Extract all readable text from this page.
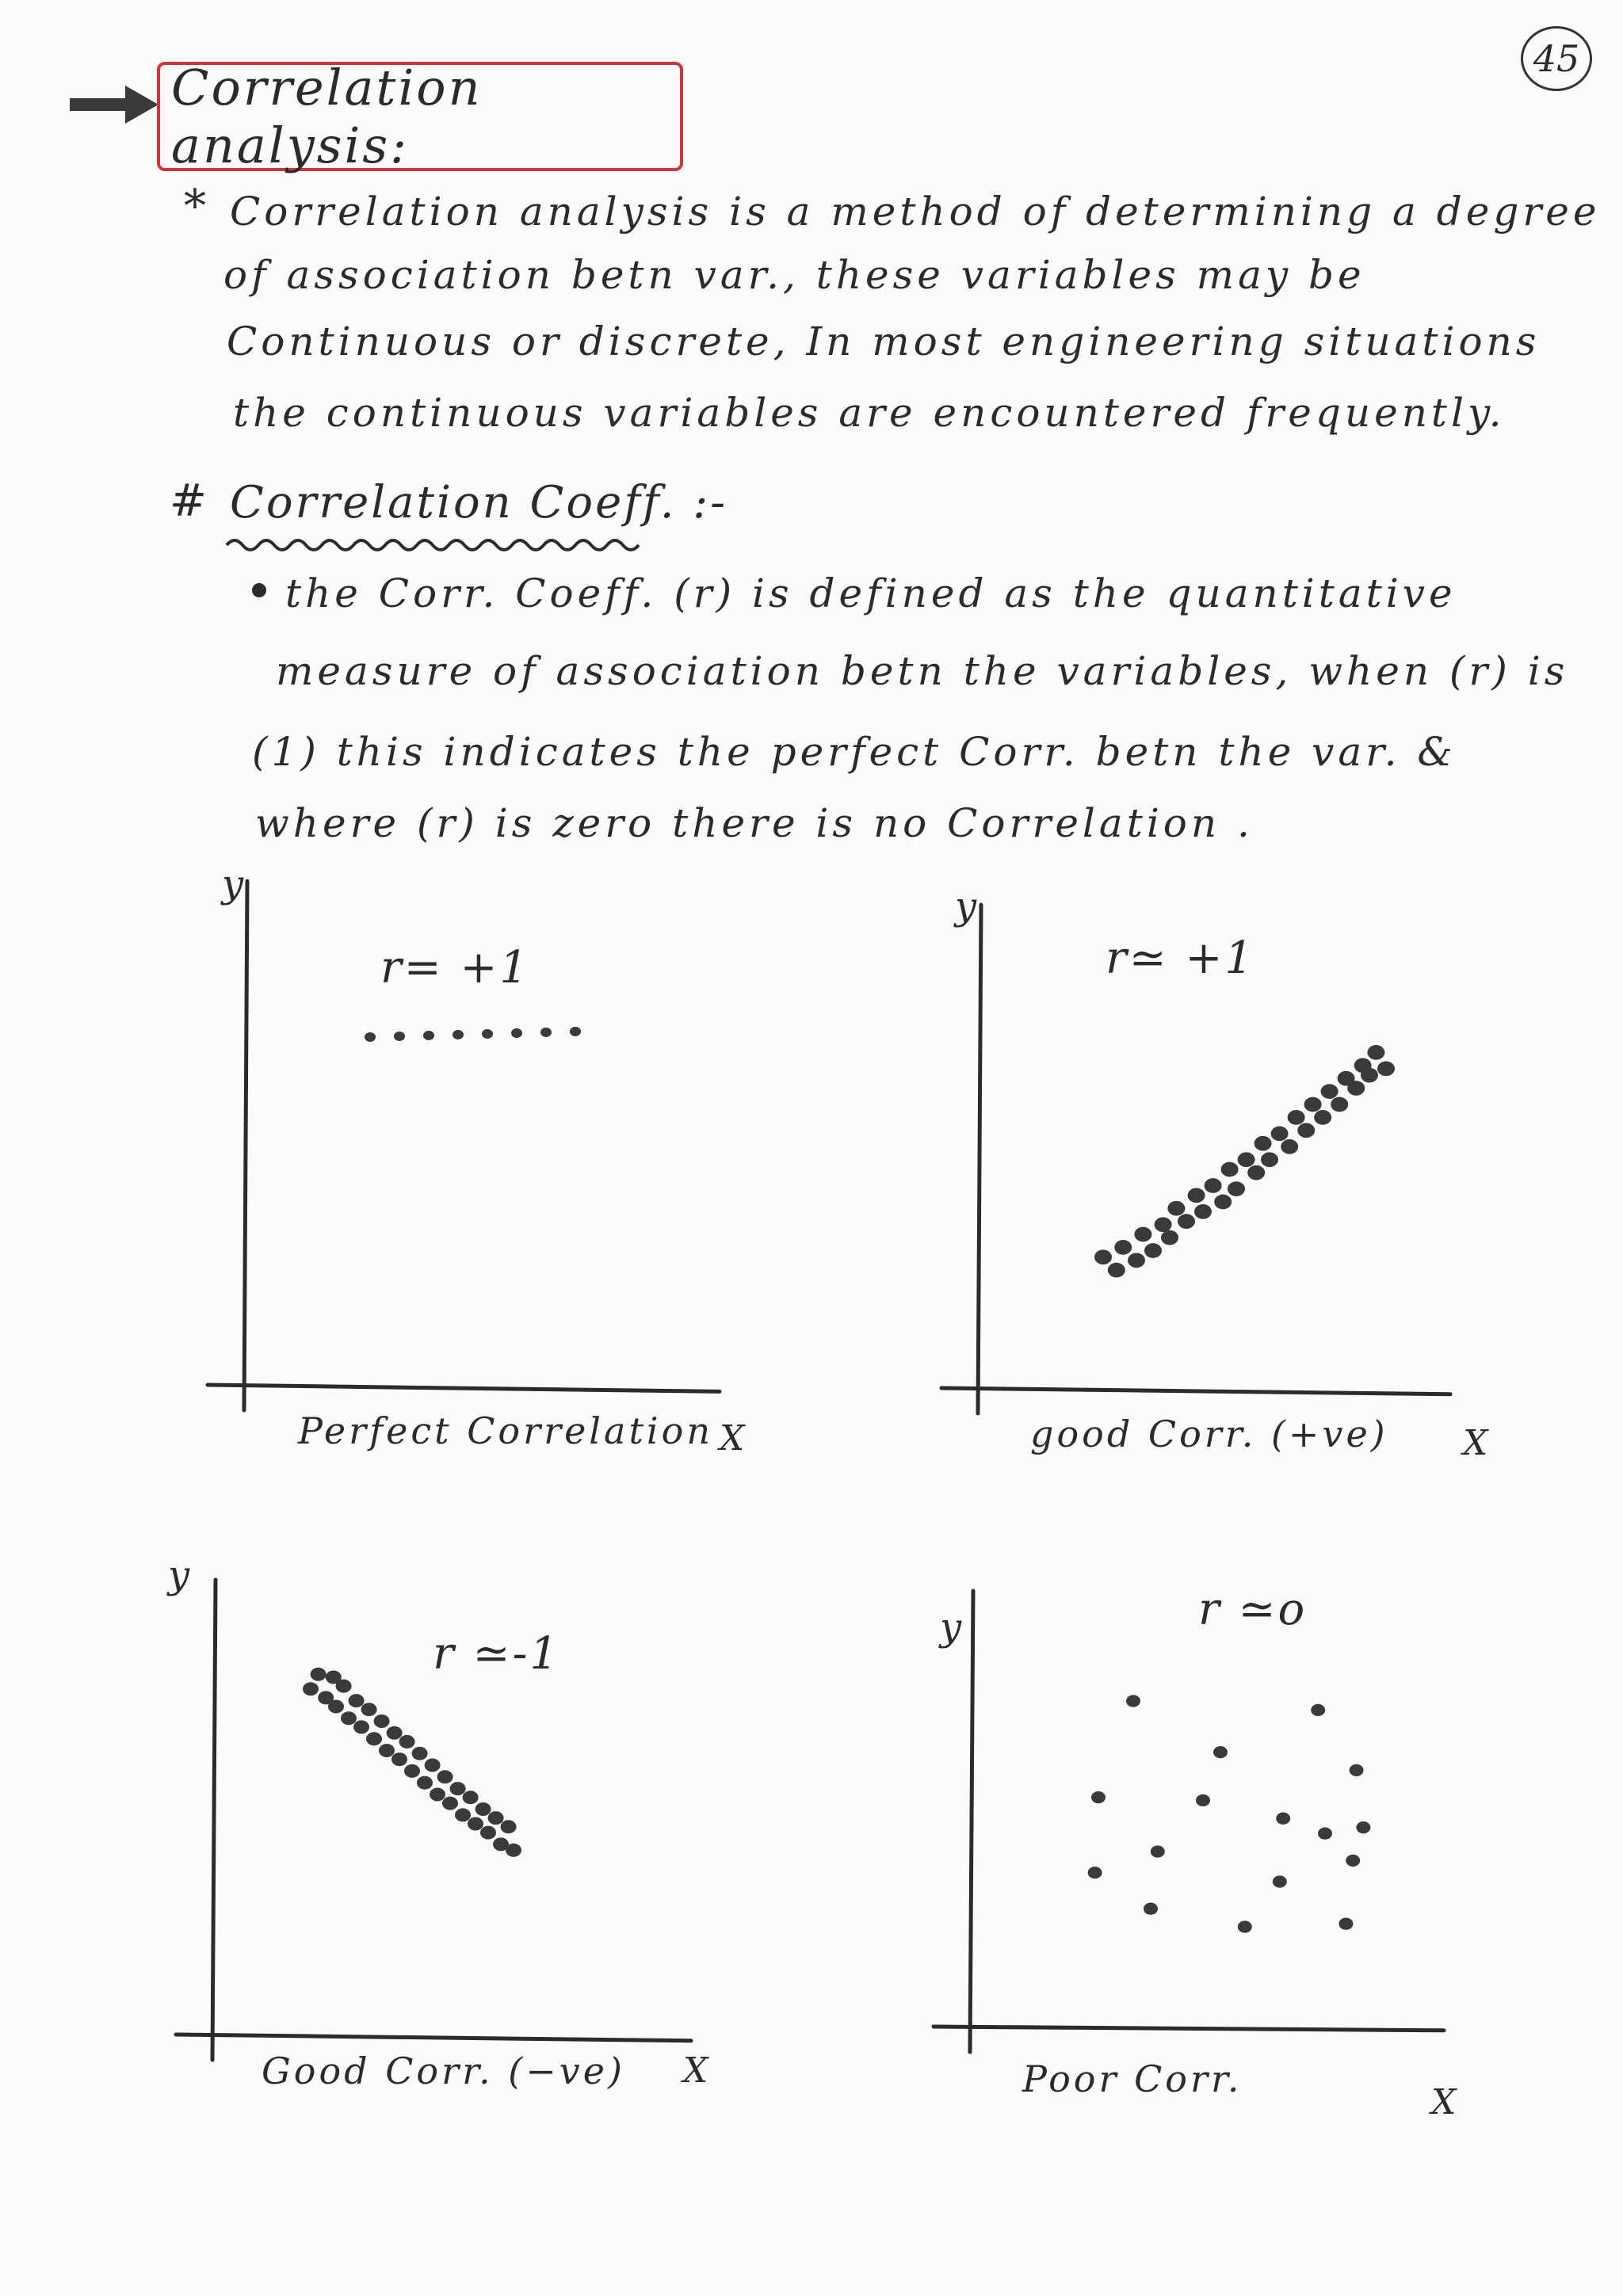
45
Correlation analysis:
* Correlation analysis is a method of determining a degree
of association betn var., these variables may be
Continuous or discrete, In most engineering situations
the continuous variables are encountered frequently.
# Correlation Coeff. :-
the Corr. Coeff. (r) is defined as the quantitative
measure of association betn the variables, when (r) is
(1) this indicates the perfect Corr. betn the var. &
where (r) is zero there is no Correlation .
y
X
r= +1
Perfect Correlation
y
X
r≃ +1
good Corr. (+ve)
y
X
r ≃-1
Good Corr. (−ve)
y
X
r ≃o
Poor Corr.
